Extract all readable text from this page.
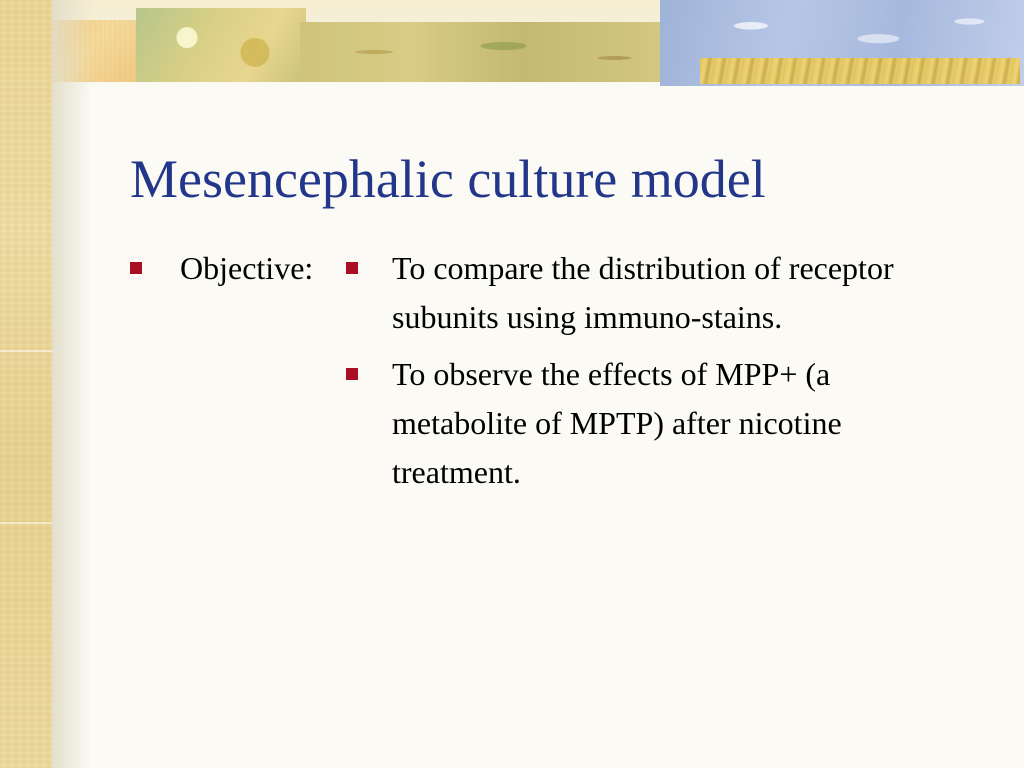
Mesencephalic culture model
Objective:	To compare the distribution of receptor subunits using immuno-stains.
To observe the effects of MPP+ (a metabolite of MPTP) after nicotine treatment.
